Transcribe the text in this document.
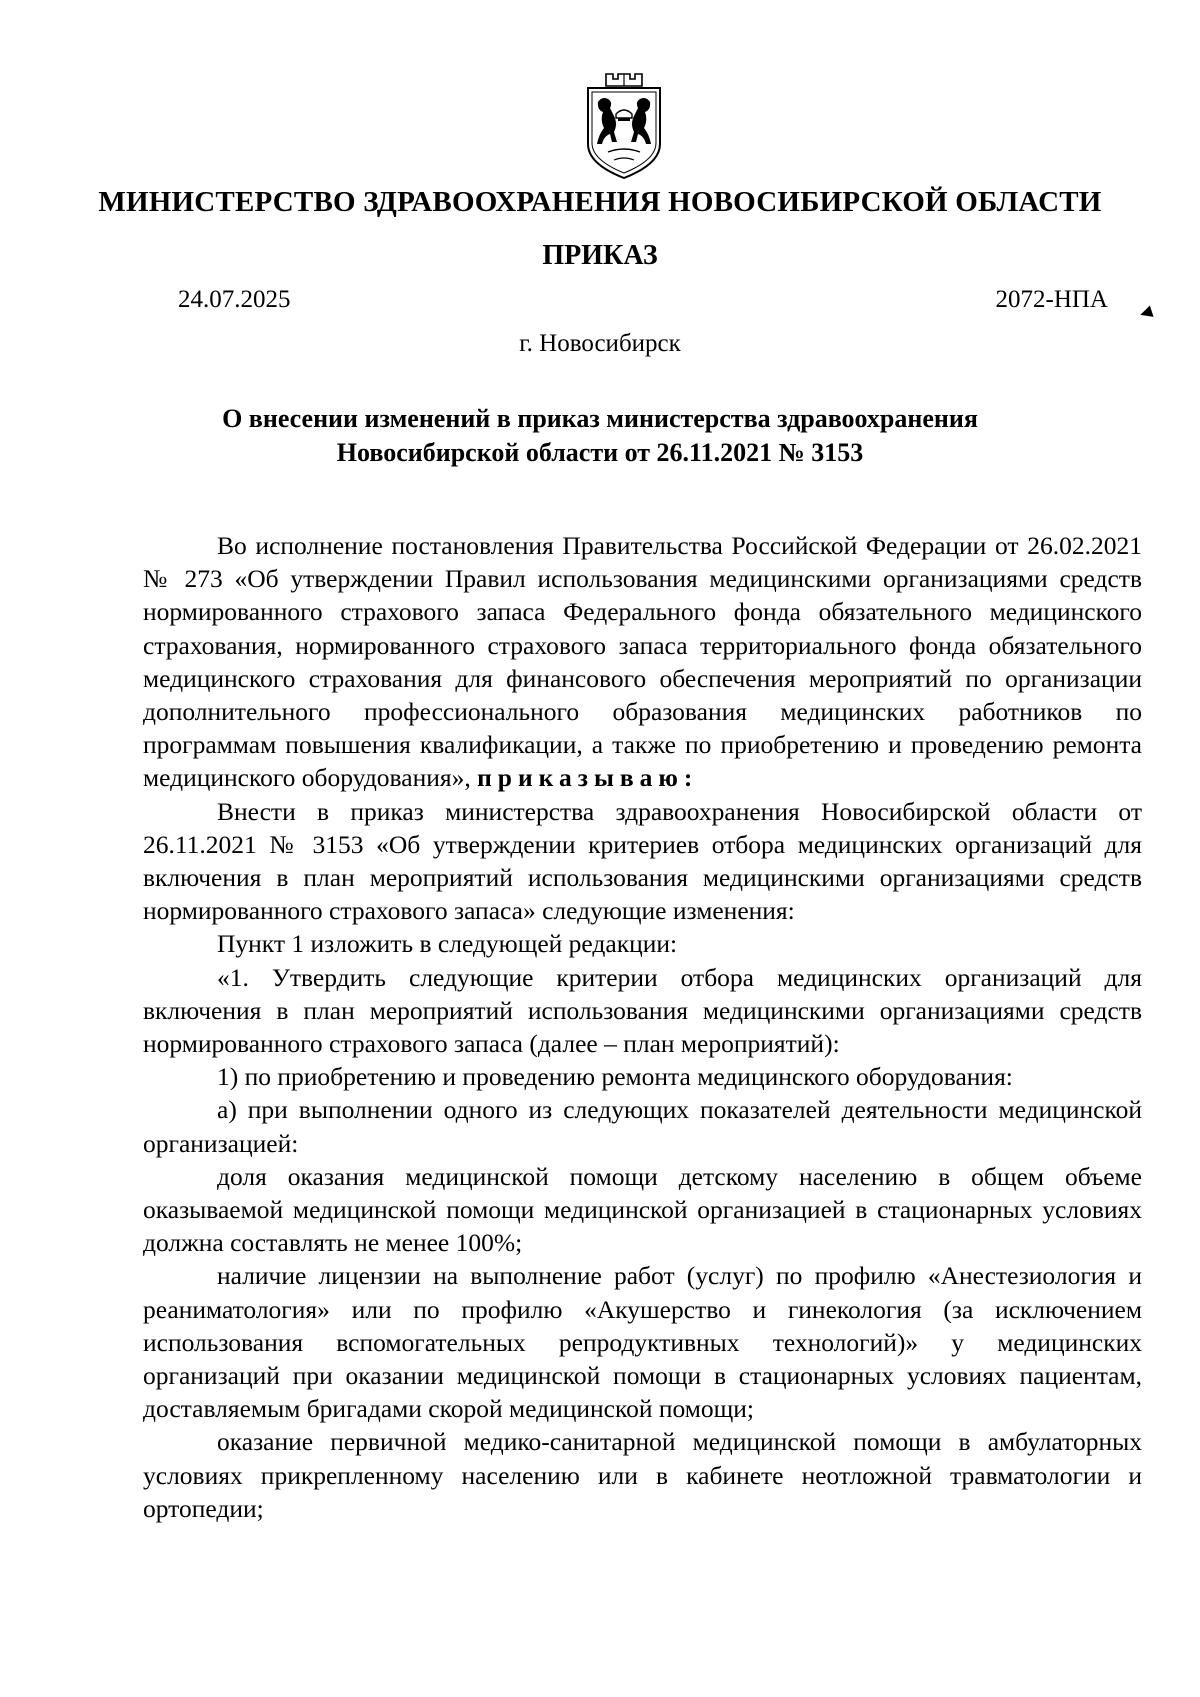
МИНИСТЕРСТВО ЗДРАВООХРАНЕНИЯ НОВОСИБИРСКОЙ ОБЛАСТИ
ПРИКАЗ
24.07.2025	2072-НПА
г. Новосибирск
О внесении изменений в приказ министерства здравоохранения
Новосибирской области от 26.11.2021 № 3153

Во исполнение постановления Правительства Российской Федерации от 26.02.2021 № 273 «Об утверждении Правил использования медицинскими организациями средств нормированного страхового запаса Федерального фонда обязательного медицинского страхования, нормированного страхового запаса территориального фонда обязательного медицинского страхования для финансового обеспечения мероприятий по организации дополнительного профессионального образования медицинских работников по программам повышения квалификации, а также по приобретению и проведению ремонта медицинского оборудования», приказываю:

Внести в приказ министерства здравоохранения Новосибирской области от 26.11.2021 № 3153 «Об утверждении критериев отбора медицинских организаций для включения в план мероприятий использования медицинскими организациями средств нормированного страхового запаса» следующие изменения:

Пункт 1 изложить в следующей редакции:

«1. Утвердить следующие критерии отбора медицинских организаций для включения в план мероприятий использования медицинскими организациями средств нормированного страхового запаса (далее – план мероприятий):

1) по приобретению и проведению ремонта медицинского оборудования:

а) при выполнении одного из следующих показателей деятельности медицинской организацией:

доля оказания медицинской помощи детскому населению в общем объеме оказываемой медицинской помощи медицинской организацией в стационарных условиях должна составлять не менее 100%;

наличие лицензии на выполнение работ (услуг) по профилю «Анестезиология и реаниматология» или по профилю «Акушерство и гинекология (за исключением использования вспомогательных репродуктивных технологий)» у медицинских организаций при оказании медицинской помощи в стационарных условиях пациентам, доставляемым бригадами скорой медицинской помощи;

оказание первичной медико-санитарной медицинской помощи в амбулаторных условиях прикрепленному населению или в кабинете неотложной травматологии и ортопедии;
